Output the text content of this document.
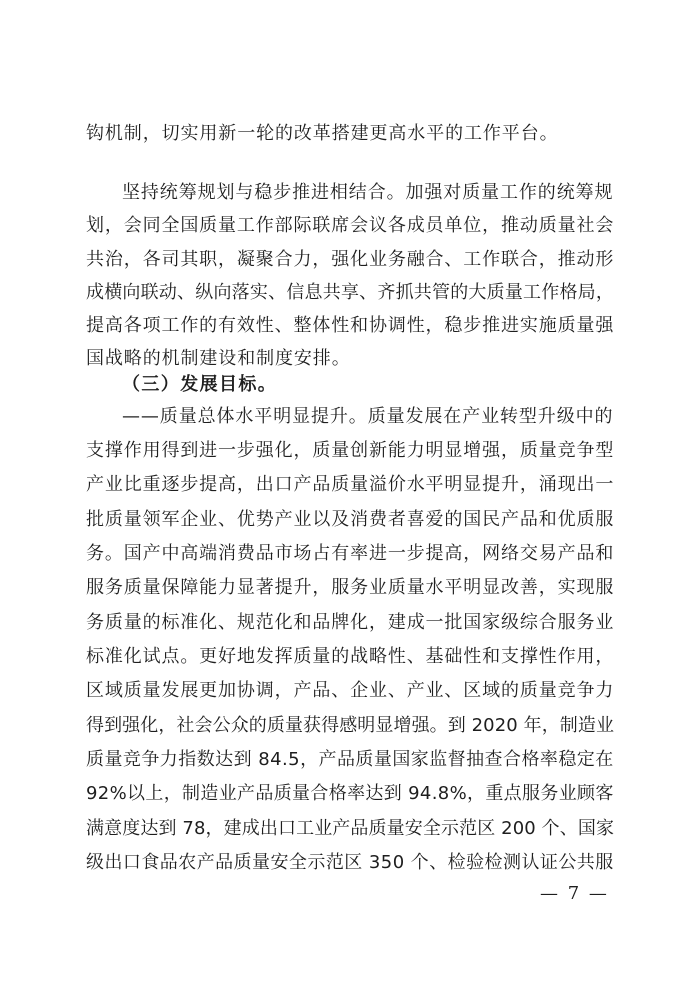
钩机制，切实用新一轮的改革搭建更高水平的工作平台。
坚持统筹规划与稳步推进相结合。加强对质量工作的统筹规
划，会同全国质量工作部际联席会议各成员单位，推动质量社会
共治，各司其职，凝聚合力，强化业务融合、工作联合，推动形
成横向联动、纵向落实、信息共享、齐抓共管的大质量工作格局，
提高各项工作的有效性、整体性和协调性，稳步推进实施质量强
国战略的机制建设和制度安排。
（三）发展目标。
——质量总体水平明显提升。质量发展在产业转型升级中的
支撑作用得到进一步强化，质量创新能力明显增强，质量竞争型
产业比重逐步提高，出口产品质量溢价水平明显提升，涌现出一
批质量领军企业、优势产业以及消费者喜爱的国民产品和优质服
务。国产中高端消费品市场占有率进一步提高，网络交易产品和
服务质量保障能力显著提升，服务业质量水平明显改善，实现服
务质量的标准化、规范化和品牌化，建成一批国家级综合服务业
标准化试点。更好地发挥质量的战略性、基础性和支撑性作用，
区域质量发展更加协调，产品、企业、产业、区域的质量竞争力
得到强化，社会公众的质量获得感明显增强。到 2020 年，制造业
质量竞争力指数达到 84.5，产品质量国家监督抽查合格率稳定在
92%以上，制造业产品质量合格率达到 94.8%，重点服务业顾客
满意度达到 78，建成出口工业产品质量安全示范区 200 个、国家
级出口食品农产品质量安全示范区 350 个、检验检测认证公共服
— 7 —
